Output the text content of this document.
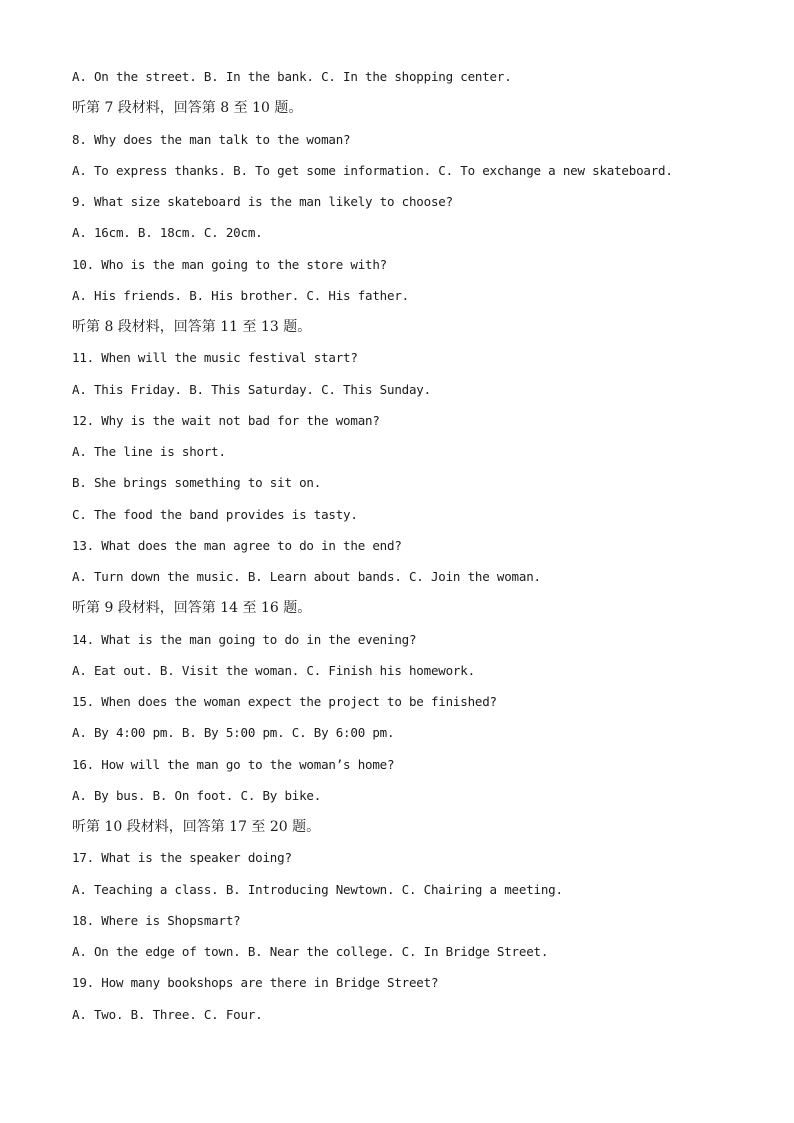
A. On the street. B. In the bank. C. In the shopping center.
听第 7 段材料，回答第 8 至 10 题。
8. Why does the man talk to the woman?
A. To express thanks. B. To get some information. C. To exchange a new skateboard.
9. What size skateboard is the man likely to choose?
A. 16cm. B. 18cm. C. 20cm.
10. Who is the man going to the store with?
A. His friends. B. His brother. C. His father.
听第 8 段材料，回答第 11 至 13 题。
11. When will the music festival start?
A. This Friday. B. This Saturday. C. This Sunday.
12. Why is the wait not bad for the woman?
A. The line is short.
B. She brings something to sit on.
C. The food the band provides is tasty.
13. What does the man agree to do in the end?
A. Turn down the music. B. Learn about bands. C. Join the woman.
听第 9 段材料，回答第 14 至 16 题。
14. What is the man going to do in the evening?
A. Eat out. B. Visit the woman. C. Finish his homework.
15. When does the woman expect the project to be finished?
A. By 4:00 pm. B. By 5:00 pm. C. By 6:00 pm.
16. How will the man go to the woman’s home?
A. By bus. B. On foot. C. By bike.
听第 10 段材料，回答第 17 至 20 题。
17. What is the speaker doing?
A. Teaching a class. B. Introducing Newtown. C. Chairing a meeting.
18. Where is Shopsmart?
A. On the edge of town. B. Near the college. C. In Bridge Street.
19. How many bookshops are there in Bridge Street?
A. Two. B. Three. C. Four.
